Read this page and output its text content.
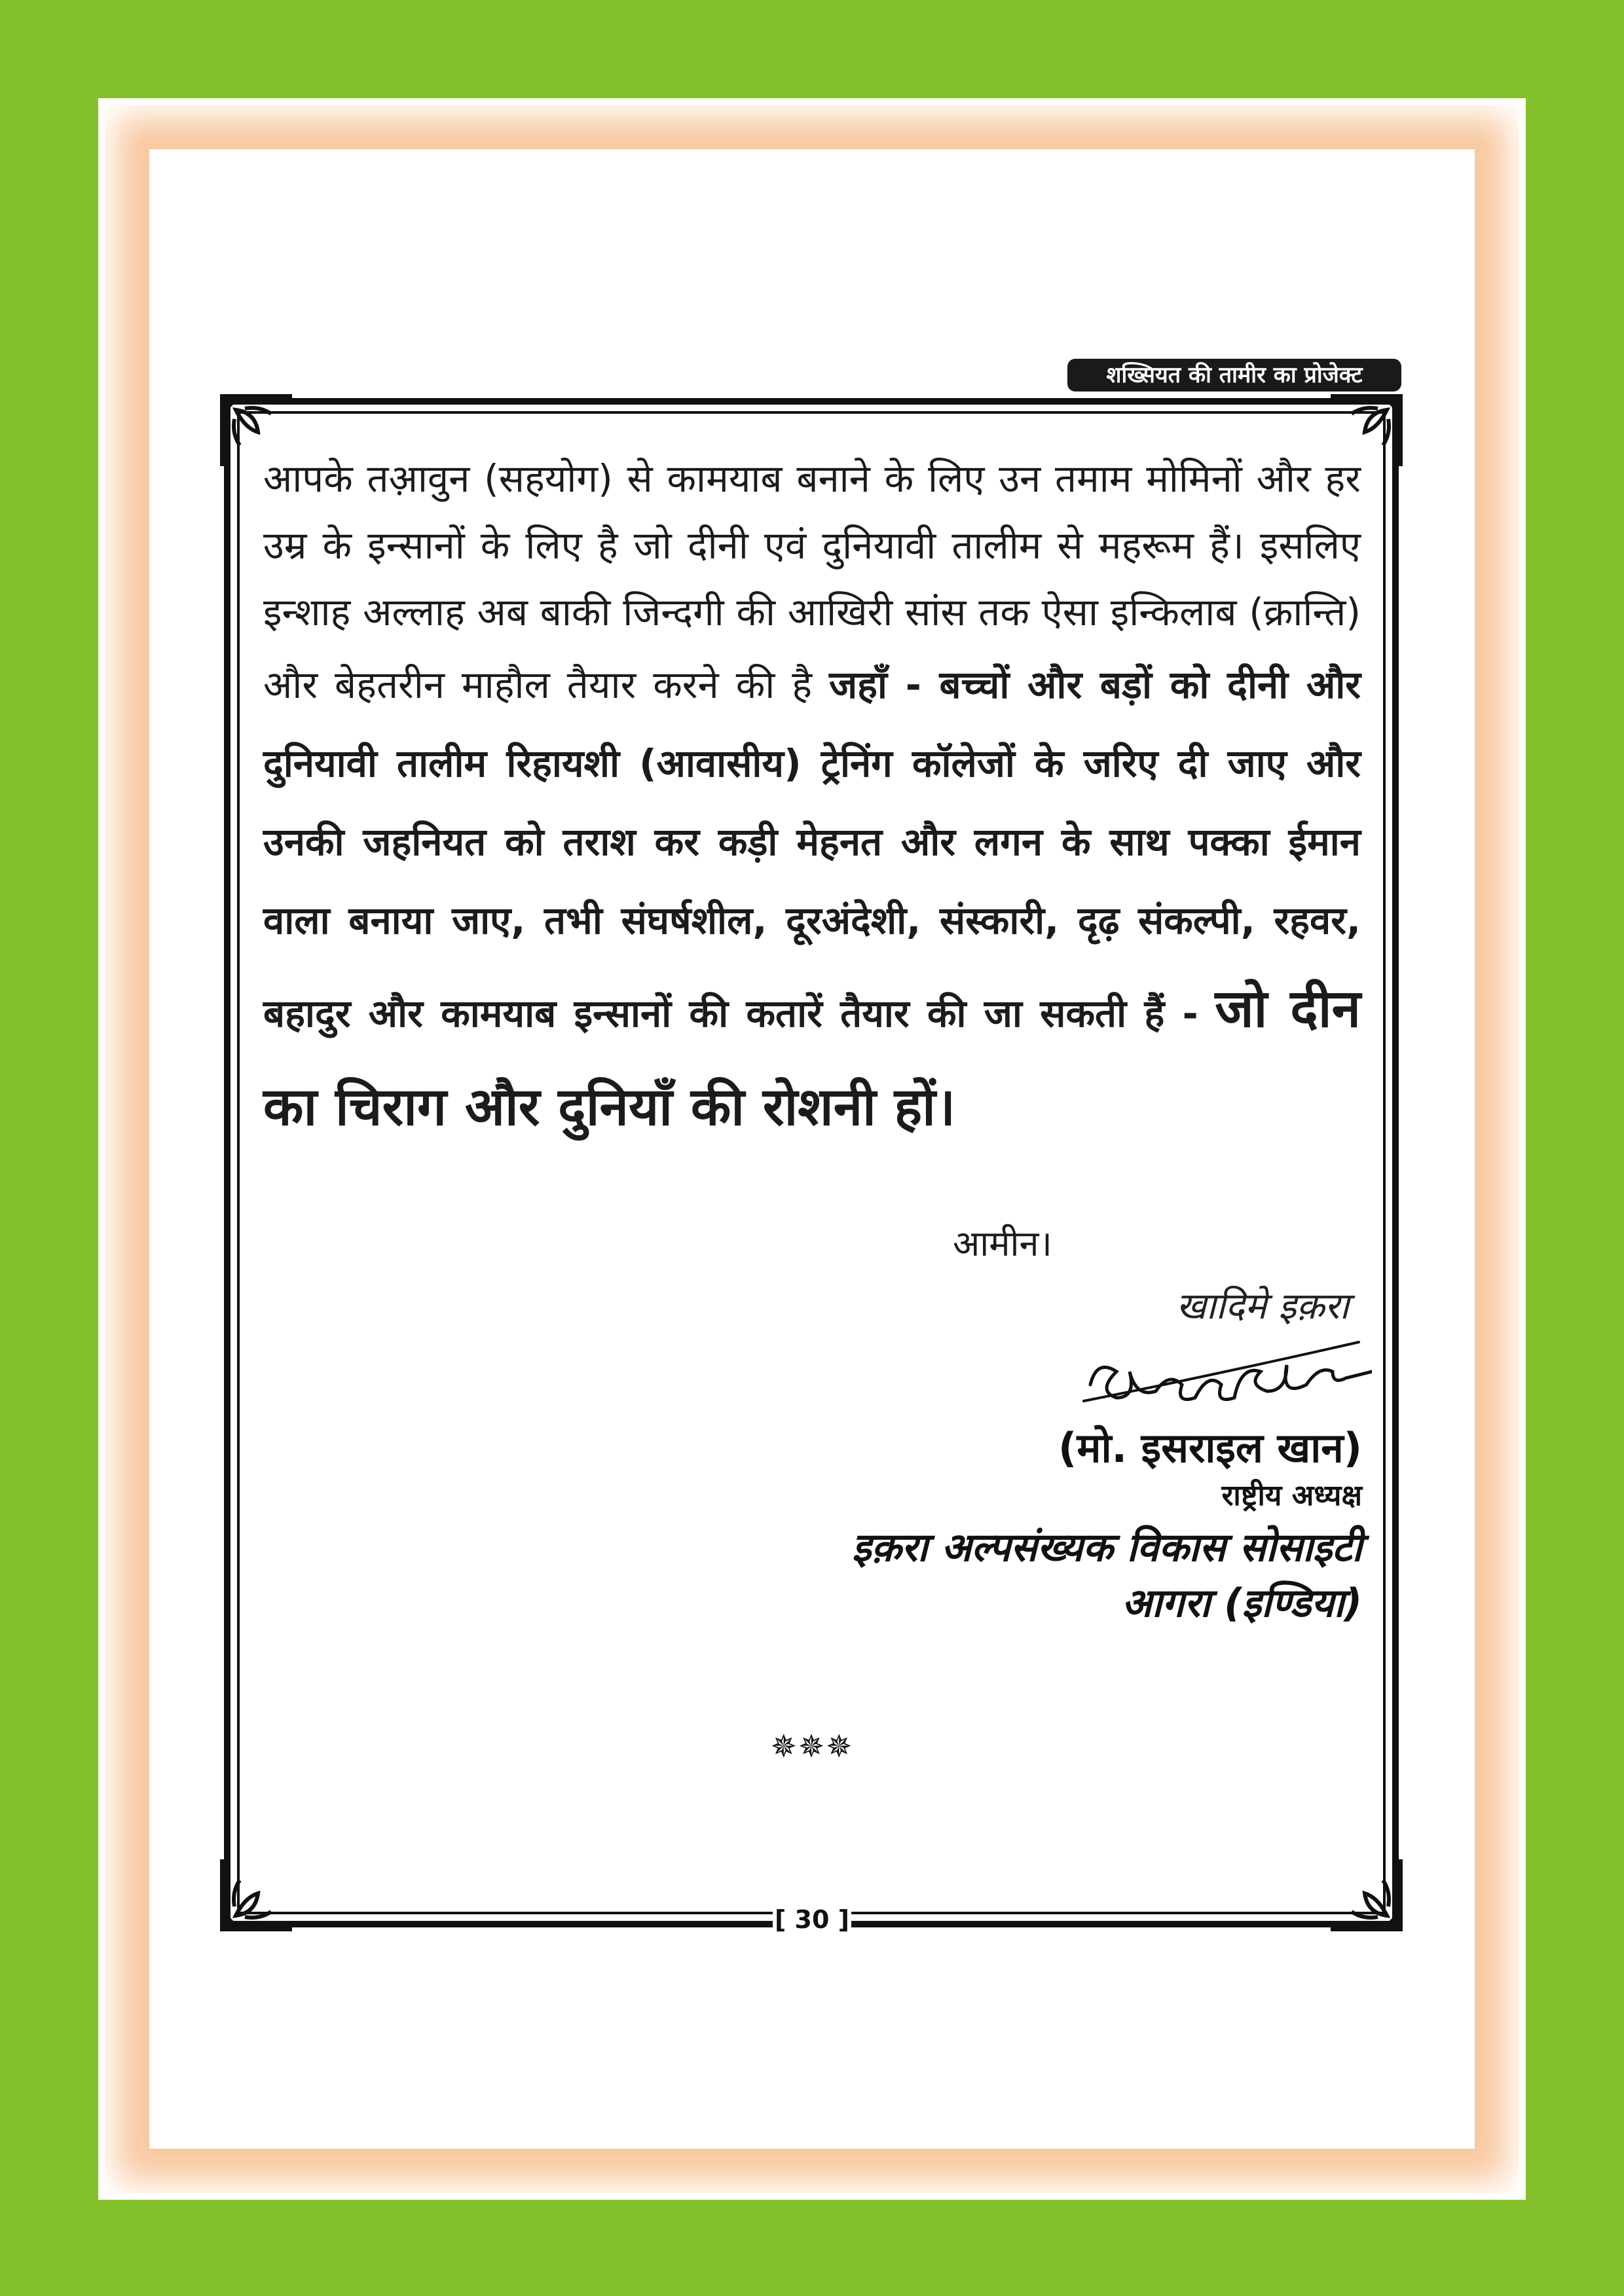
शख्सियत की तामीर का प्रोजेक्ट

आपके तआ़वुन (सहयोग) से कामयाब बनाने के लिए उन तमाम मोमिनों और हर उम्र के इन्सानों के लिए है जो दीनी एवं दुनियावी तालीम से महरूम हैं। इसलिए इन्शाह अल्लाह अब बाकी जिन्दगी की आखिरी सांस तक ऐसा इन्किलाब (क्रान्ति) और बेहतरीन माहौल तैयार करने की है जहाँ - बच्चों और बड़ों को दीनी और दुनियावी तालीम रिहायशी (आवासीय) ट्रेनिंग कॉलेजों के जरिए दी जाए और उनकी जहनियत को तराश कर कड़ी मेहनत और लगन के साथ पक्का ईमान वाला बनाया जाए, तभी संघर्षशील, दूरअंदेशी, संस्कारी, दृढ़ संकल्पी, रहवर, बहादुर और कामयाब इन्सानों की कतारें तैयार की जा सकती हैं - जो दीन का चिराग और दुनियाँ की रोशनी हों।

आमीन।
खादिमे इक़रा
(मो. इसराइल खान)
राष्ट्रीय अध्यक्ष
इक़रा अल्पसंख्यक विकास सोसाइटी
आगरा (इण्डिया)
✵✵✵
[ 30 ]
